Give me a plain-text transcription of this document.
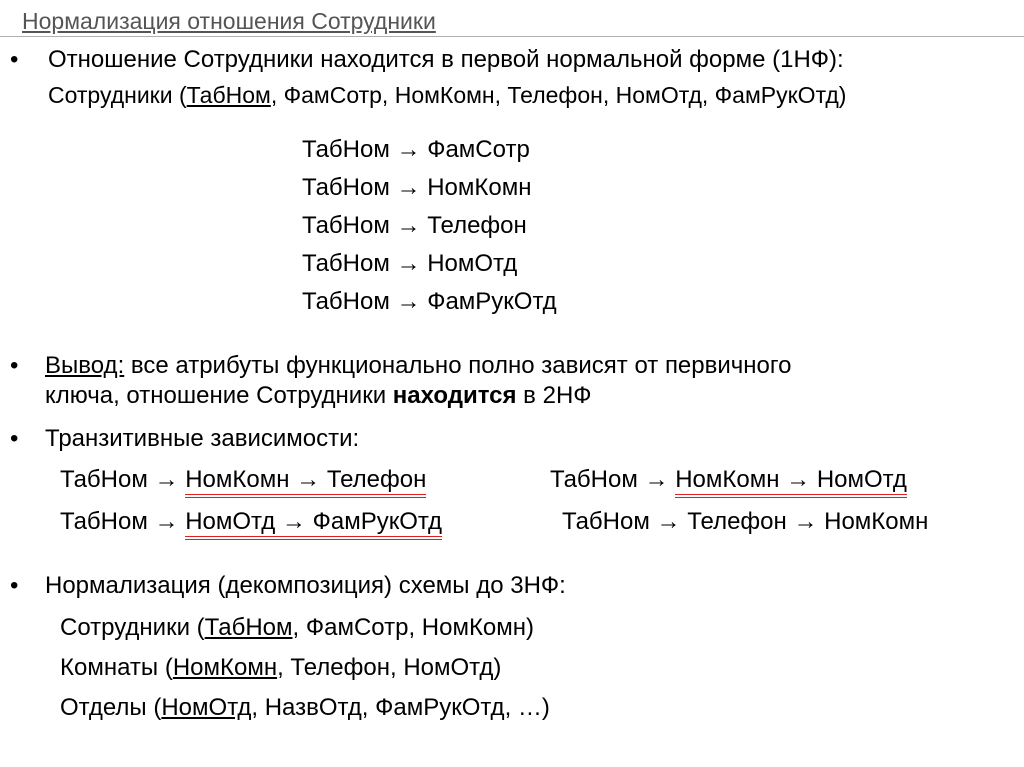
Нормализация отношения Сотрудники
• Отношение Сотрудники находится в первой нормальной форме (1НФ):
Сотрудники (ТабНом, ФамСотр, НомКомн, Телефон, НомОтд, ФамРукОтд)
ТабНом → ФамСотр
ТабНом → НомКомн
ТабНом → Телефон
ТабНом → НомОтд
ТабНом → ФамРукОтд
• Вывод: все атрибуты функционально полно зависят от первичного
ключа, отношение Сотрудники находится в 2НФ
• Транзитивные зависимости:
ТабНом → НомКомн → Телефон	ТабНом → НомКомн → НомОтд
ТабНом → НомОтд → ФамРукОтд	ТабНом → Телефон → НомКомн
• Нормализация (декомпозиция) схемы до 3НФ:
Сотрудники (ТабНом, ФамСотр, НомКомн)
Комнаты (НомКомн, Телефон, НомОтд)
Отделы (НомОтд, НазвОтд, ФамРукОтд, …)
